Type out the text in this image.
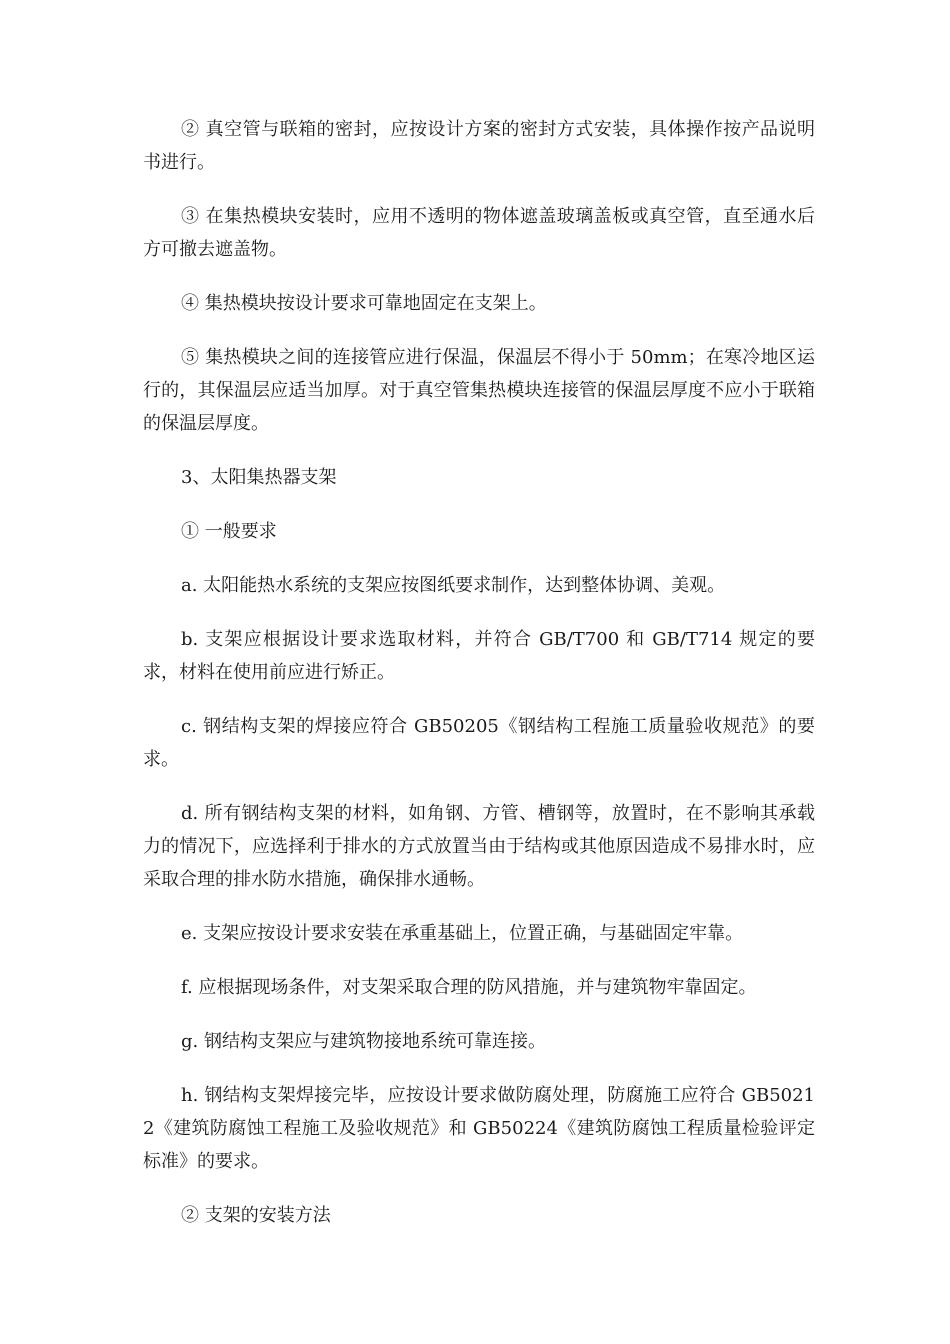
② 真空管与联箱的密封，应按设计方案的密封方式安装，具体操作按产品说明书进行。

③ 在集热模块安装时，应用不透明的物体遮盖玻璃盖板或真空管，直至通水后方可撤去遮盖物。

④ 集热模块按设计要求可靠地固定在支架上。

⑤ 集热模块之间的连接管应进行保温，保温层不得小于 50mm；在寒冷地区运行的，其保温层应适当加厚。对于真空管集热模块连接管的保温层厚度不应小于联箱的保温层厚度。

3、太阳集热器支架

① 一般要求

a. 太阳能热水系统的支架应按图纸要求制作，达到整体协调、美观。

b. 支架应根据设计要求选取材料，并符合 GB/T700 和 GB/T714 规定的要求，材料在使用前应进行矫正。

c. 钢结构支架的焊接应符合 GB50205《钢结构工程施工质量验收规范》的要求。

d. 所有钢结构支架的材料，如角钢、方管、槽钢等，放置时，在不影响其承载力的情况下，应选择利于排水的方式放置当由于结构或其他原因造成不易排水时，应采取合理的排水防水措施，确保排水通畅。

e. 支架应按设计要求安装在承重基础上，位置正确，与基础固定牢靠。

f. 应根据现场条件，对支架采取合理的防风措施，并与建筑物牢靠固定。

g. 钢结构支架应与建筑物接地系统可靠连接。

h. 钢结构支架焊接完毕，应按设计要求做防腐处理，防腐施工应符合 GB50212《建筑防腐蚀工程施工及验收规范》和 GB50224《建筑防腐蚀工程质量检验评定标准》的要求。

② 支架的安装方法
